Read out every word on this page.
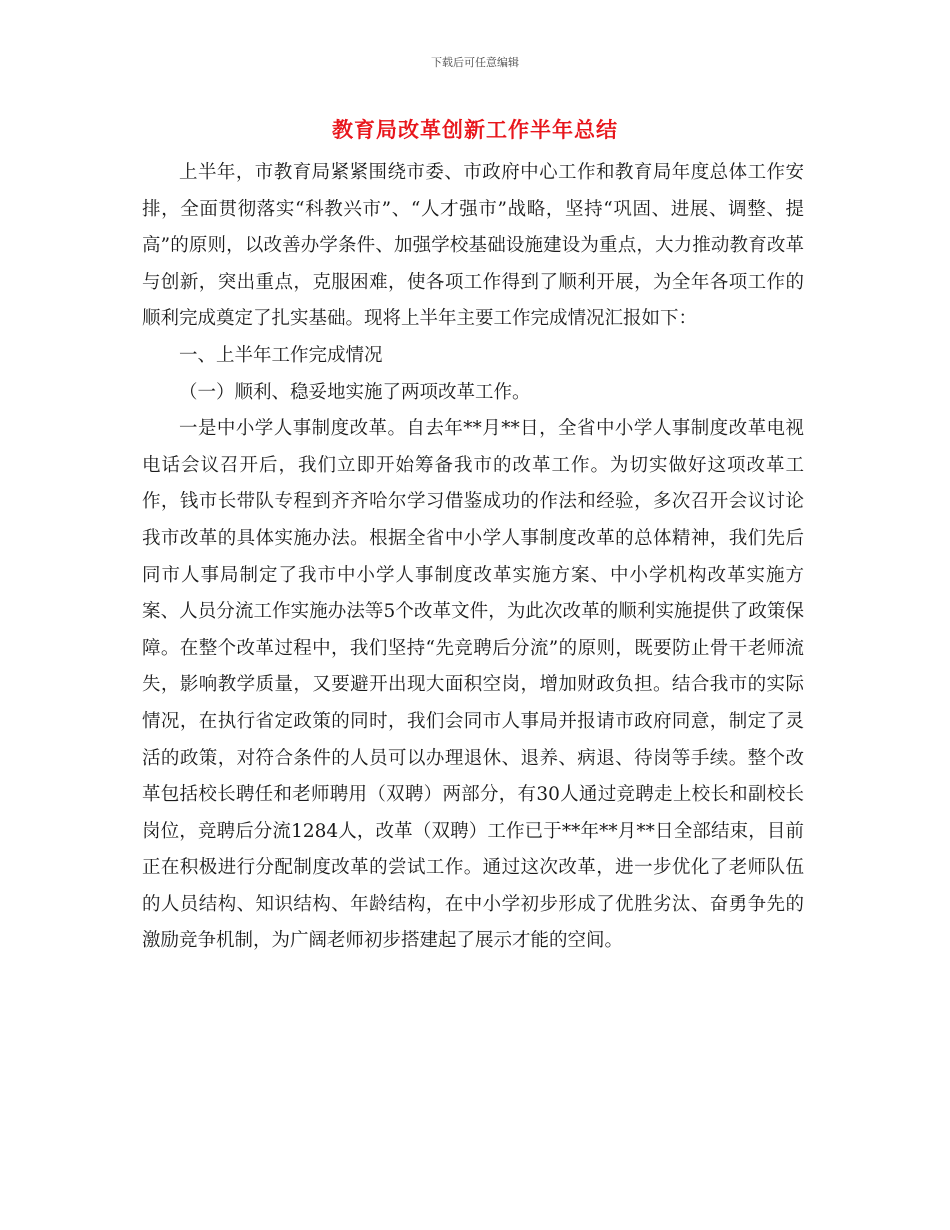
下载后可任意编辑
教育局改革创新工作半年总结

上半年，市教育局紧紧围绕市委、市政府中心工作和教育局年度总体工作安排，全面贯彻落实“科教兴市”、“人才强市”战略，坚持“巩固、进展、调整、提高”的原则，以改善办学条件、加强学校基础设施建设为重点，大力推动教育改革与创新，突出重点，克服困难，使各项工作得到了顺利开展，为全年各项工作的顺利完成奠定了扎实基础。现将上半年主要工作完成情况汇报如下：

一、上半年工作完成情况

（一）顺利、稳妥地实施了两项改革工作。

一是中小学人事制度改革。自去年**月**日，全省中小学人事制度改革电视电话会议召开后，我们立即开始筹备我市的改革工作。为切实做好这项改革工作，钱市长带队专程到齐齐哈尔学习借鉴成功的作法和经验，多次召开会议讨论我市改革的具体实施办法。根据全省中小学人事制度改革的总体精神，我们先后同市人事局制定了我市中小学人事制度改革实施方案、中小学机构改革实施方案、人员分流工作实施办法等5个改革文件，为此次改革的顺利实施提供了政策保障。在整个改革过程中，我们坚持“先竞聘后分流”的原则，既要防止骨干老师流失，影响教学质量，又要避开出现大面积空岗，增加财政负担。结合我市的实际情况，在执行省定政策的同时，我们会同市人事局并报请市政府同意，制定了灵活的政策，对符合条件的人员可以办理退休、退养、病退、待岗等手续。整个改革包括校长聘任和老师聘用（双聘）两部分，有30人通过竞聘走上校长和副校长岗位，竞聘后分流1284人，改革（双聘）工作已于**年**月**日全部结束，目前正在积极进行分配制度改革的尝试工作。通过这次改革，进一步优化了老师队伍的人员结构、知识结构、年龄结构，在中小学初步形成了优胜劣汰、奋勇争先的激励竞争机制，为广阔老师初步搭建起了展示才能的空间。
